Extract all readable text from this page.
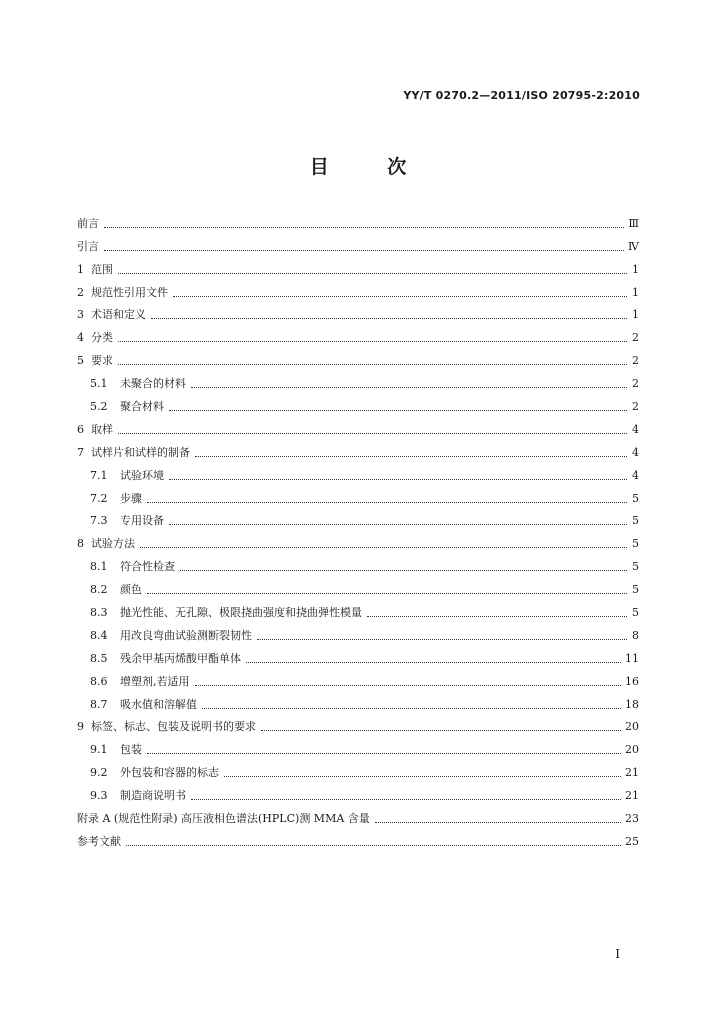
YY/T 0270.2—2011/ISO 20795-2:2010
目 次
前言	Ⅲ
引言	Ⅳ
1 范围	1
2 规范性引用文件	1
3 术语和定义	1
4 分类	2
5 要求	2
5.1	未聚合的材料	2
5.2	聚合材料	2
6 取样	4
7 试样片和试样的制备	4
7.1	试验环境	4
7.2	步骤	5
7.3	专用设备	5
8 试验方法	5
8.1	符合性检查	5
8.2	颜色	5
8.3	抛光性能、无孔隙、极限挠曲强度和挠曲弹性模量	5
8.4	用改良弯曲试验测断裂韧性	8
8.5	残余甲基丙烯酸甲酯单体	11
8.6	增塑剂,若适用	16
8.7	吸水值和溶解值	18
9 标签、标志、包装及说明书的要求	20
9.1	包装	20
9.2	外包装和容器的标志	21
9.3	制造商说明书	21
附录 A (规范性附录) 高压液相色谱法(HPLC)测 MMA 含量	23
参考文献	25
I
